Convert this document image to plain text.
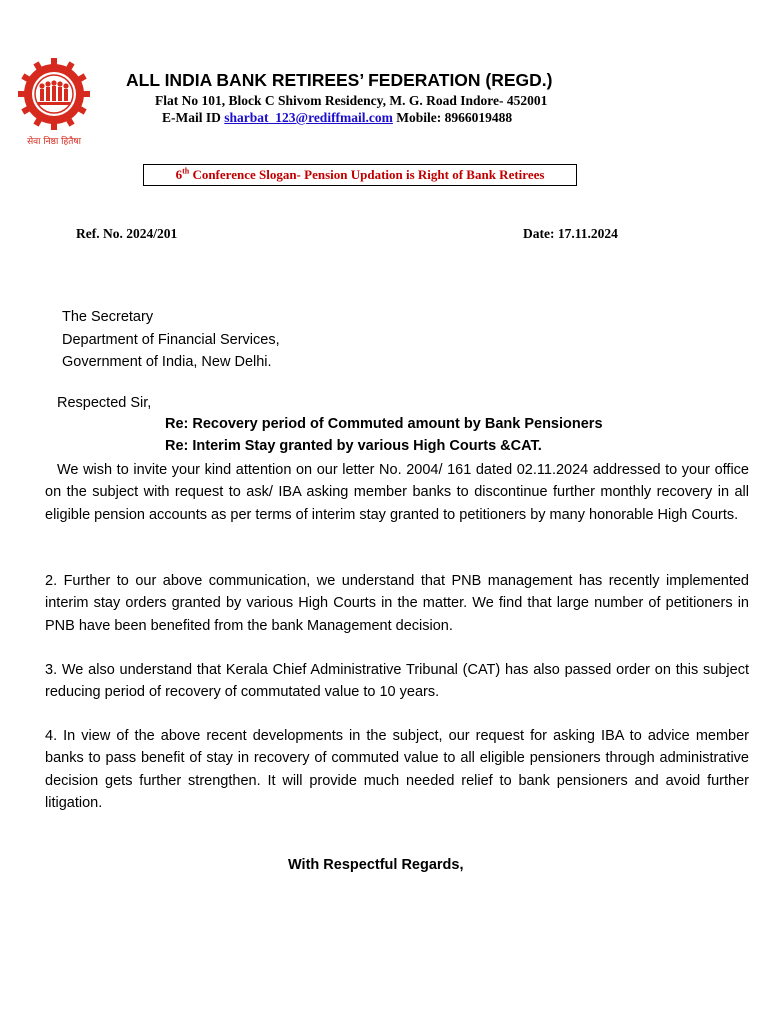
सेवा निष्ठा हितैषा
ALL INDIA BANK RETIREES’ FEDERATION (REGD.)
Flat No 101, Block C Shivom Residency, M. G. Road Indore- 452001
E-Mail ID sharbat_123@rediffmail.com Mobile: 8966019488
6th Conference Slogan- Pension Updation is Right of Bank Retirees
Ref. No. 2024/201	Date: 17.11.2024
The Secretary
Department of Financial Services,
Government of India, New Delhi.
Respected Sir,
Re: Recovery period of Commuted amount by Bank Pensioners
Re: Interim Stay granted by various High Courts &CAT.
We wish to invite your kind attention on our letter No. 2004/ 161 dated 02.11.2024 addressed to your office on the subject with request to ask/ IBA asking member banks to discontinue further monthly recovery in all eligible pension accounts as per terms of interim stay granted to petitioners by many honorable High Courts.
2. Further to our above communication, we understand that PNB management has recently implemented interim stay orders granted by various High Courts in the matter. We find that large number of petitioners in PNB have been benefited from the bank Management decision.
3. We also understand that Kerala Chief Administrative Tribunal (CAT) has also passed order on this subject reducing period of recovery of commutated value to 10 years.
4. In view of the above recent developments in the subject, our request for asking IBA to advice member banks to pass benefit of stay in recovery of commuted value to all eligible pensioners through administrative decision gets further strengthen. It will provide much needed relief to bank pensioners and avoid further litigation.
With Respectful Regards,
